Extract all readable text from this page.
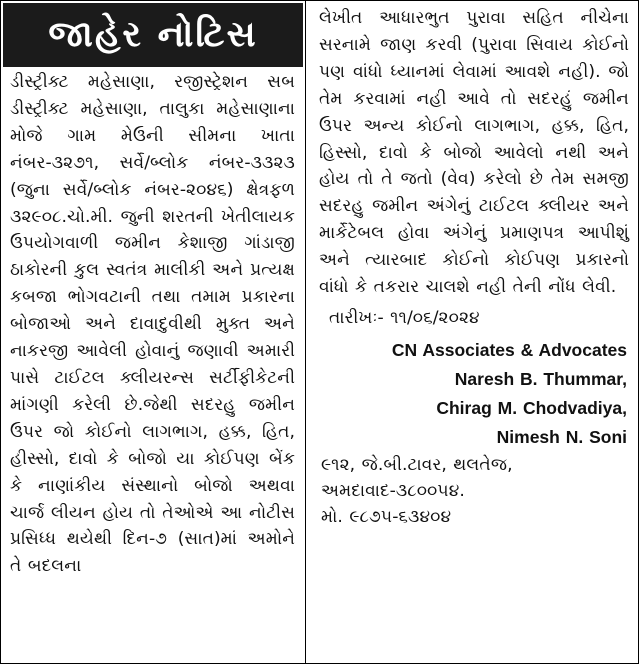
જાહેર નોટિસ
ડીસ્ટ્રીક્ટ મહેસાણા, રજીસ્ટ્રેશન સબ ડીસ્ટ્રીક્ટ મહેસાણા, તાલુકા મહેસાણાના મોજે ગામ મેઉની સીમના ખાતા નંબર-૩૨૭૧, સર્વે/બ્લોક નંબર-૩૩૨૩ (જુના સર્વે/બ્લોક નંબર-૨૦૪૬) ક્ષેત્રફળ ૩૨૯૦૮.ચો.મી. જુની શરતની ખેતીલાયક ઉપયોગવાળી જમીન કેશાજી ગાંડાજી ઠાકોરની કુલ સ્વતંત્ર માલીકી અને પ્રત્યક્ષ કબજા ભોગવટાની તથા તમામ પ્રકારના બોજાઓ અને દાવાદુવીથી મુક્ત અને નાકરજી આવેલી હોવાનું જણાવી અમારી પાસે ટાઈટલ ક્લીયરન્સ સર્ટીફીકેટની માંગણી કરેલી છે.જેથી સદરહુ જમીન ઉપર જો કોઈનો લાગભાગ, હક્ક, હિત, હીસ્સો, દાવો કે બોજો યા કોઈપણ બેંક કે નાણાંકીય સંસ્થાનો બોજો અથવા ચાર્જ લીયન હોય તો તેઓએ આ નોટીસ પ્રસિધ્ધ થયેથી દિન-૭ (સાત)માં અમોને તે બદલના
લેખીત આધારભુત પુરાવા સહિત નીચેના સરનામે જાણ કરવી (પુરાવા સિવાય કોઈનો પણ વાંધો ધ્યાનમાં લેવામાં આવશે નહી). જો તેમ કરવામાં નહી આવે તો સદરહું જમીન ઉપર અન્ય કોઈનો લાગભાગ, હક્ક, હિત, હિસ્સો, દાવો કે બોજો આવેલો નથી અને હોય તો તે જતો (વેવ) કરેલો છે તેમ સમજી સદરહુ જમીન અંગેનું ટાઈટલ ક્લીયર અને માર્કેટેબલ હોવા અંગેનું પ્રમાણપત્ર આપીશું અને ત્યારબાદ કોઈનો કોઈપણ પ્રકારનો વાંધો કે તકરાર ચાલશે નહી તેની નોંધ લેવી.
તારીખઃ- ૧૧/૦૬/૨૦૨૪
CN Associates & Advocates
Naresh B. Thummar,
Chirag M. Chodvadiya,
Nimesh N. Soni
૯૧૨, જે.બી.ટાવર, થલતેજ,
અમદાવાદ-૩૮૦૦૫૪.
મો. ૯૮૭૫-૬૩૪૦૪
